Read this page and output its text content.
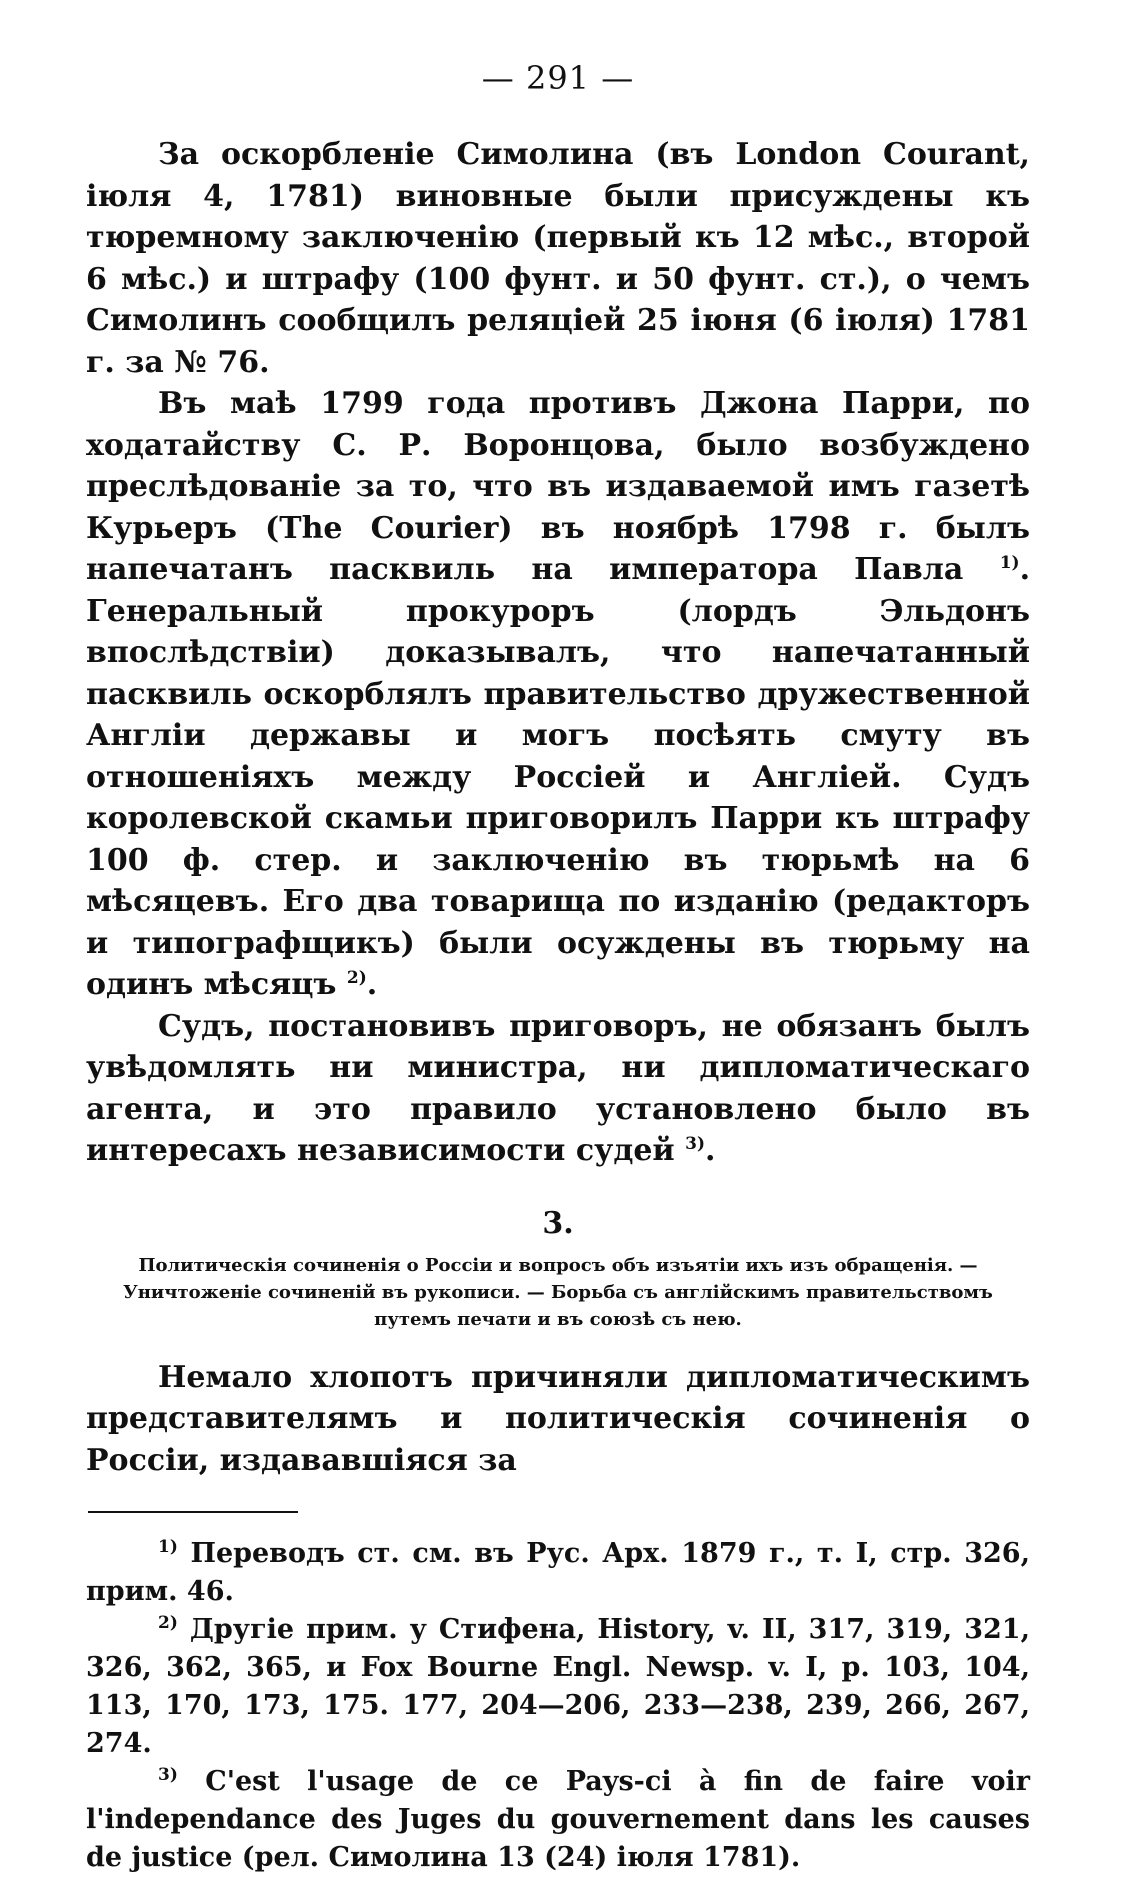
— 291 —

За оскорбленіе Симолина (въ London Courant, іюля 4, 1781) виновные были присуждены къ тюремному заключенію (первый къ 12 мѣс., второй 6 мѣс.) и штрафу (100 фунт. и 50 фунт. ст.), о чемъ Симолинъ сообщилъ реляціей 25 іюня (6 іюля) 1781 г. за № 76.

Въ маѣ 1799 года противъ Джона Парри, по ходатайству С. Р. Воронцова, было возбуждено преслѣдованіе за то, что въ издаваемой имъ газетѣ Курьеръ (The Courier) въ ноябрѣ 1798 г. былъ напечатанъ пасквиль на императора Павла $^{1)}$. Генеральный прокуроръ (лордъ Эльдонъ впослѣдствіи) доказывалъ, что напечатанный пасквиль оскорблялъ правительство дружественной Англіи державы и могъ посѣять смуту въ отношеніяхъ между Россіей и Англіей. Судъ королевской скамьи приговорилъ Парри къ штрафу 100 ф. стер. и заключенію въ тюрьмѣ на 6 мѣсяцевъ. Его два товарища по изданію (редакторъ и типографщикъ) были осуждены въ тюрьму на одинъ мѣсяцъ $^{2)}$.

Судъ, постановивъ приговоръ, не обязанъ былъ увѣдомлять ни министра, ни дипломатическаго агента, и это правило установлено было въ интересахъ независимости судей $^{3)}$.

3.
Политическія сочиненія о Россіи и вопросъ объ изъятіи ихъ изъ обращенія. — Уничтоженіе сочиненій въ рукописи. — Борьба съ англійскимъ правительствомъ путемъ печати и въ союзѣ съ нею.

Немало хлопотъ причиняли дипломатическимъ представителямъ и политическія сочиненія о Россіи, издававшіяся за

$^{1)}$ Переводъ ст. см. въ Рус. Арх. 1879 г., т. I, стр. 326, прим. 46.

$^{2)}$ Другіе прим. у Стифена, History, v. II, 317, 319, 321, 326, 362, 365, и Fox Bourne Engl. Newsp. v. I, p. 103, 104, 113, 170, 173, 175. 177, 204—206, 233—238, 239, 266, 267, 274.

$^{3)}$ C'est l'usage de ce Pays-ci à fin de faire voir l'independance des Juges du gouvernement dans les causes de justice (рел. Симолина 13 (24) іюля 1781).
